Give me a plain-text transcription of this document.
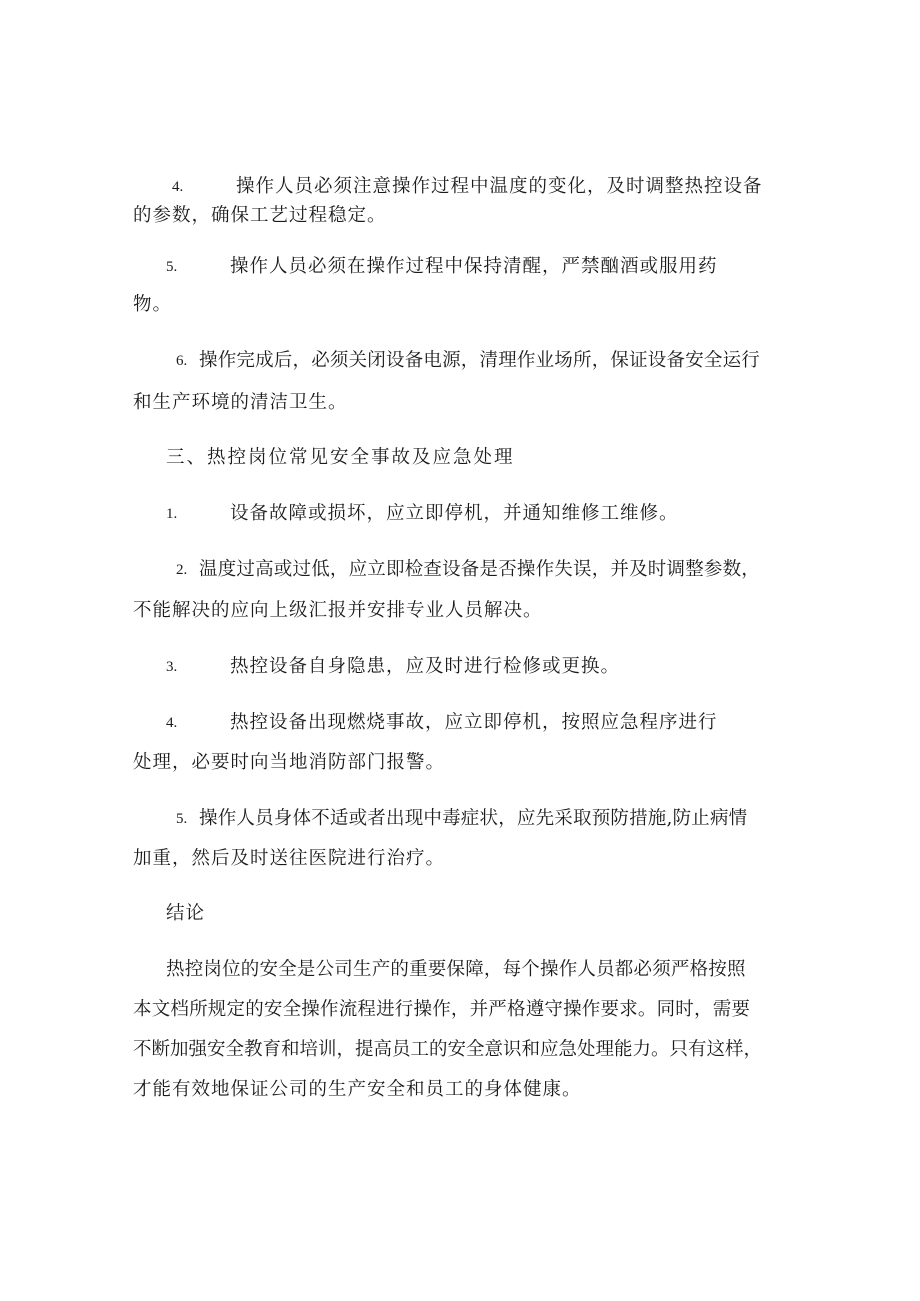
4.	操作人员必须注意操作过程中温度的变化，及时调整热控设备
的参数，确保工艺过程稳定。
5.	操作人员必须在操作过程中保持清醒，严禁酗酒或服用药
物。
6. 操作完成后，必须关闭设备电源，清理作业场所，保证设备安全运行
和生产环境的清洁卫生。
三、热控岗位常见安全事故及应急处理
1.	设备故障或损坏，应立即停机，并通知维修工维修。
2. 温度过高或过低，应立即检查设备是否操作失误，并及时调整参数，
不能解决的应向上级汇报并安排专业人员解决。
3.	热控设备自身隐患，应及时进行检修或更换。
4.	热控设备出现燃烧事故，应立即停机，按照应急程序进行
处理，必要时向当地消防部门报警。
5. 操作人员身体不适或者出现中毒症状，应先采取预防措施,防止病情
加重，然后及时送往医院进行治疗。
结论
热控岗位的安全是公司生产的重要保障，每个操作人员都必须严格按照
本文档所规定的安全操作流程进行操作，并严格遵守操作要求。同时，需要
不断加强安全教育和培训，提高员工的安全意识和应急处理能力。只有这样，
才能有效地保证公司的生产安全和员工的身体健康。
